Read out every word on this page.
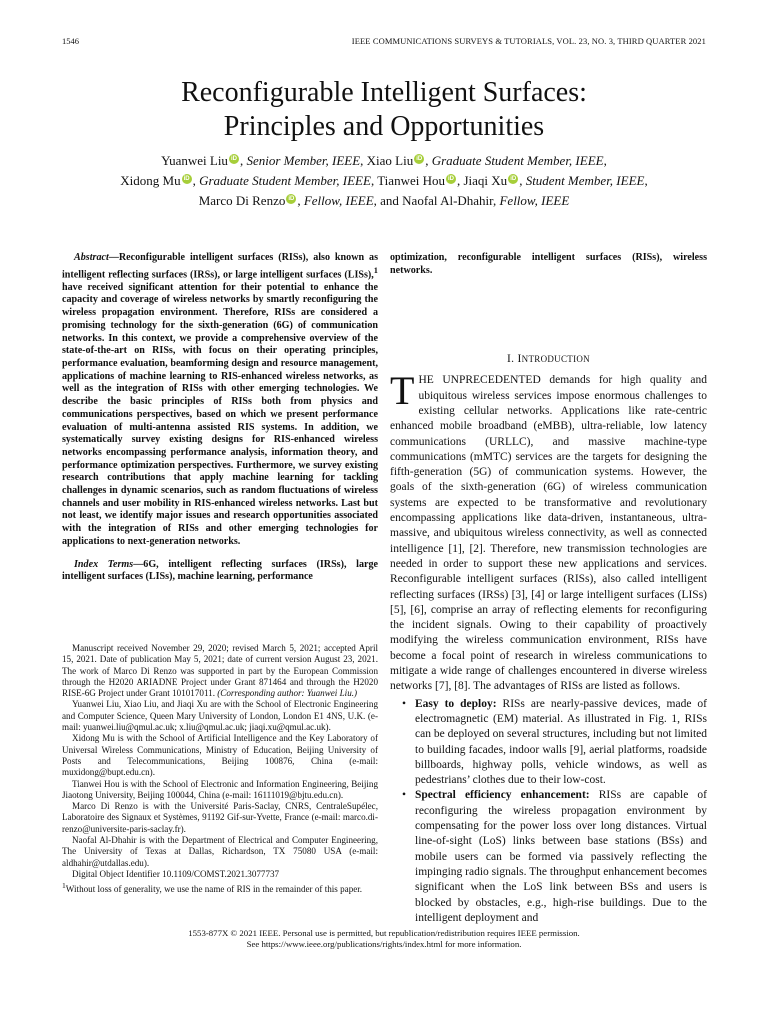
1546	IEEE COMMUNICATIONS SURVEYS & TUTORIALS, VOL. 23, NO. 3, THIRD QUARTER 2021
Reconfigurable Intelligent Surfaces:
Principles and Opportunities
Yuanwei Liu iD , Senior Member, IEEE, Xiao Liu iD , Graduate Student Member, IEEE,
Xidong Mu iD , Graduate Student Member, IEEE, Tianwei Hou iD , Jiaqi Xu iD , Student Member, IEEE,
Marco Di Renzo iD , Fellow, IEEE, and Naofal Al-Dhahir, Fellow, IEEE

Abstract—Reconfigurable intelligent surfaces (RISs), also known as intelligent reflecting surfaces (IRSs), or large intelligent surfaces (LISs),$^1$ have received significant attention for their potential to enhance the capacity and coverage of wireless networks by smartly reconfiguring the wireless propagation environment. Therefore, RISs are considered a promising technology for the sixth-generation (6G) of communication networks. In this context, we provide a comprehensive overview of the state-of-the-art on RISs, with focus on their operating principles, performance evaluation, beamforming design and resource management, applications of machine learning to RIS-enhanced wireless networks, as well as the integration of RISs with other emerging technologies. We describe the basic principles of RISs both from physics and communications perspectives, based on which we present performance evaluation of multi-antenna assisted RIS systems. In addition, we systematically survey existing designs for RIS-enhanced wireless networks encompassing performance analysis, information theory, and performance optimization perspectives. Furthermore, we survey existing research contributions that apply machine learning for tackling challenges in dynamic scenarios, such as random fluctuations of wireless channels and user mobility in RIS-enhanced wireless networks. Last but not least, we identify major issues and research opportunities associated with the integration of RISs and other emerging technologies for applications to next-generation networks.

Index Terms—6G, intelligent reflecting surfaces (IRSs), large intelligent surfaces (LISs), machine learning, performance

Manuscript received November 29, 2020; revised March 5, 2021; accepted April 15, 2021. Date of publication May 5, 2021; date of current version August 23, 2021. The work of Marco Di Renzo was supported in part by the European Commission through the H2020 ARIADNE Project under Grant 871464 and through the H2020 RISE-6G Project under Grant 101017011. (Corresponding author: Yuanwei Liu.)

Yuanwei Liu, Xiao Liu, and Jiaqi Xu are with the School of Electronic Engineering and Computer Science, Queen Mary University of London, London E1 4NS, U.K. (e-mail: yuanwei.liu@qmul.ac.uk; x.liu@qmul.ac.uk; jiaqi.xu@qmul.ac.uk).

Xidong Mu is with the School of Artificial Intelligence and the Key Laboratory of Universal Wireless Communications, Ministry of Education, Beijing University of Posts and Telecommunications, Beijing 100876, China (e-mail: muxidong@bupt.edu.cn).

Tianwei Hou is with the School of Electronic and Information Engineering, Beijing Jiaotong University, Beijing 100044, China (e-mail: 16111019@bjtu.edu.cn).

Marco Di Renzo is with the Université Paris-Saclay, CNRS, CentraleSupélec, Laboratoire des Signaux et Systèmes, 91192 Gif-sur-Yvette, France (e-mail: marco.di-renzo@universite-paris-saclay.fr).

Naofal Al-Dhahir is with the Department of Electrical and Computer Engineering, The University of Texas at Dallas, Richardson, TX 75080 USA (e-mail: aldhahir@utdallas.edu).

Digital Object Identifier 10.1109/COMST.2021.3077737

$^1$Without loss of generality, we use the name of RIS in the remainder of this paper.

optimization, reconfigurable intelligent surfaces (RISs), wireless networks.

I. INTRODUCTION

THE UNPRECEDENTED demands for high quality and ubiquitous wireless services impose enormous challenges to existing cellular networks. Applications like rate-centric enhanced mobile broadband (eMBB), ultra-reliable, low latency communications (URLLC), and massive machine-type communications (mMTC) services are the targets for designing the fifth-generation (5G) of communication systems. However, the goals of the sixth-generation (6G) of wireless communication systems are expected to be transformative and revolutionary encompassing applications like data-driven, instantaneous, ultra-massive, and ubiquitous wireless connectivity, as well as connected intelligence [1], [2]. Therefore, new transmission technologies are needed in order to support these new applications and services. Reconfigurable intelligent surfaces (RISs), also called intelligent reflecting surfaces (IRSs) [3], [4] or large intelligent surfaces (LISs) [5], [6], comprise an array of reflecting elements for reconfiguring the incident signals. Owing to their capability of proactively modifying the wireless communication environment, RISs have become a focal point of research in wireless communications to mitigate a wide range of challenges encountered in diverse wireless networks [7], [8]. The advantages of RISs are listed as follows.

• Easy to deploy: RISs are nearly-passive devices, made of electromagnetic (EM) material. As illustrated in Fig. 1, RISs can be deployed on several structures, including but not limited to building facades, indoor walls [9], aerial platforms, roadside billboards, highway polls, vehicle windows, as well as pedestrians’ clothes due to their low-cost.
• Spectral efficiency enhancement: RISs are capable of reconfiguring the wireless propagation environment by compensating for the power loss over long distances. Virtual line-of-sight (LoS) links between base stations (BSs) and mobile users can be formed via passively reflecting the impinging radio signals. The throughput enhancement becomes significant when the LoS link between BSs and users is blocked by obstacles, e.g., high-rise buildings. Due to the intelligent deployment and
1553-877X © 2021 IEEE. Personal use is permitted, but republication/redistribution requires IEEE permission.
See https://www.ieee.org/publications/rights/index.html for more information.
